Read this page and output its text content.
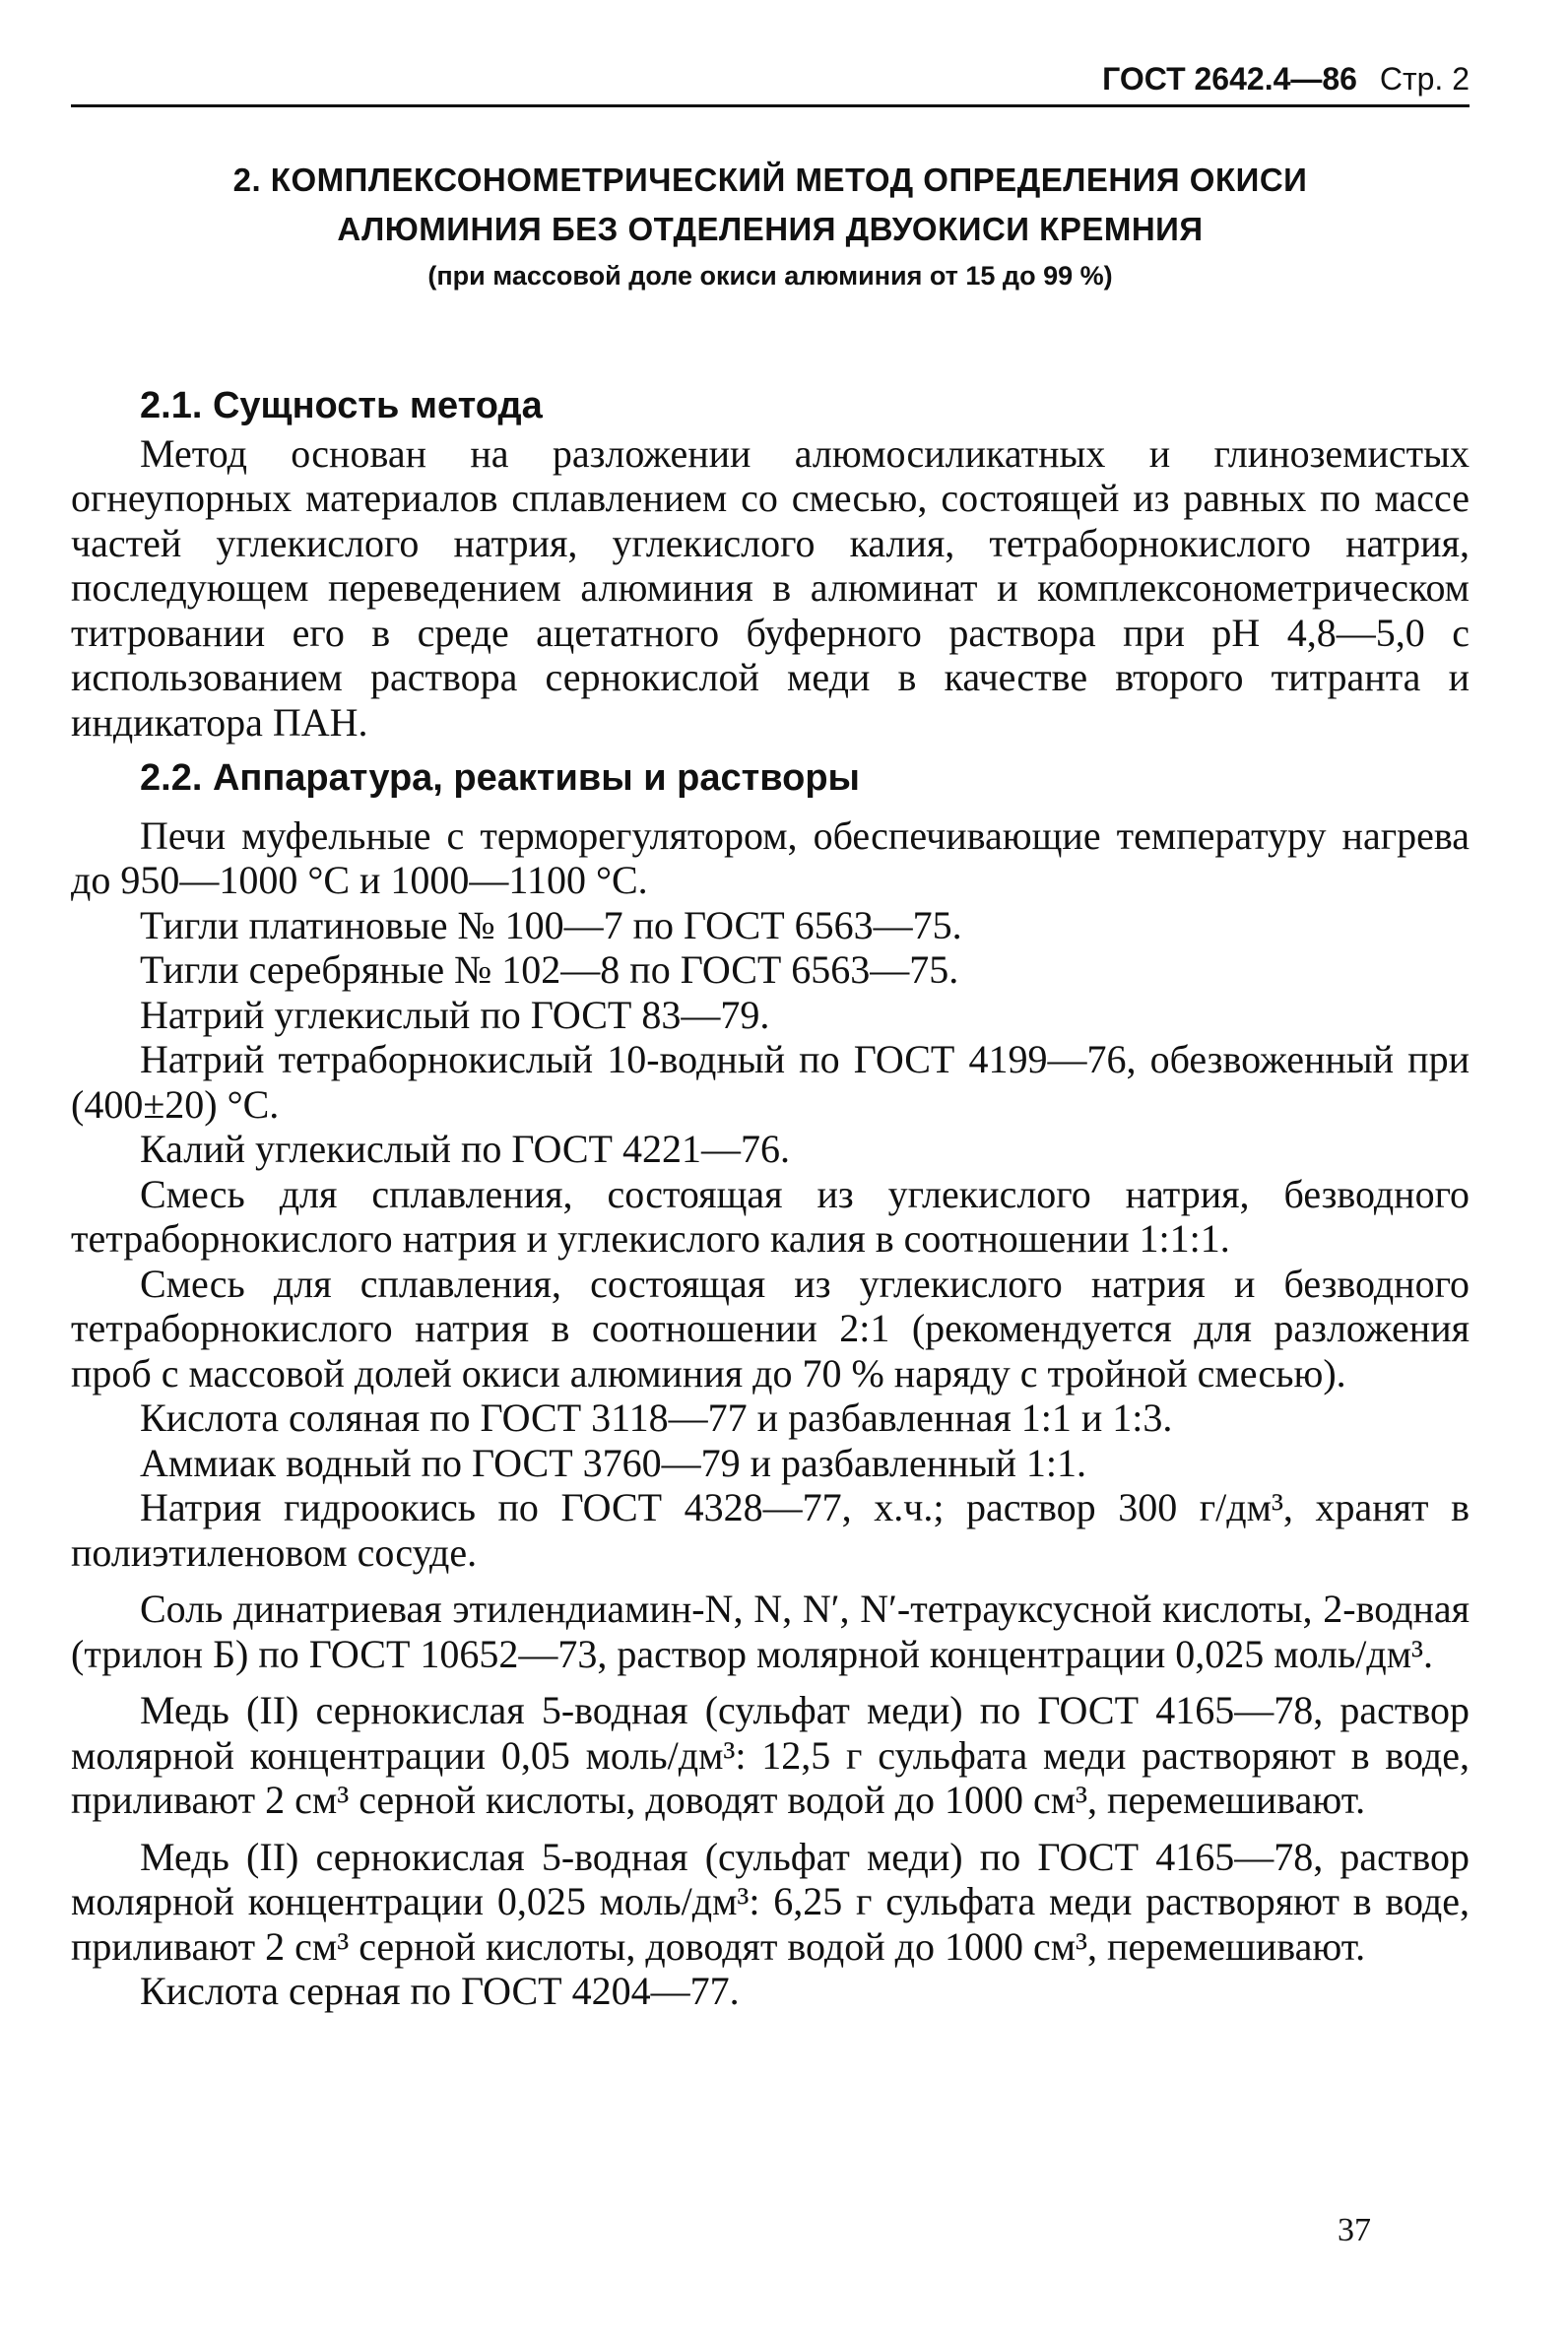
ГОСТ 2642.4—86 Стр. 2
2. КОМПЛЕКСОНОМЕТРИЧЕСКИЙ МЕТОД ОПРЕДЕЛЕНИЯ ОКИСИ
АЛЮМИНИЯ БЕЗ ОТДЕЛЕНИЯ ДВУОКИСИ КРЕМНИЯ
(при массовой доле окиси алюминия от 15 до 99 %)

2.1. Сущность метода

Метод основан на разложении алюмосиликатных и глиноземистых огнеупорных материалов сплавлением со смесью, состоящей из равных по массе частей углекислого натрия, углекислого калия, тетраборнокислого натрия, последующем переведением алюминия в алюминат и комплексонометрическом титровании его в среде ацетатного буферного раствора при pH 4,8—5,0 с использованием раствора сернокислой меди в качестве второго титранта и индикатора ПАН.

2.2. Аппаратура, реактивы и растворы

Печи муфельные с терморегулятором, обеспечивающие температуру нагрева до 950—1000 °С и 1000—1100 °С.

Тигли платиновые № 100—7 по ГОСТ 6563—75.

Тигли серебряные № 102—8 по ГОСТ 6563—75.

Натрий углекислый по ГОСТ 83—79.

Натрий тетраборнокислый 10-водный по ГОСТ 4199—76, обезвоженный при (400±20) °С.

Калий углекислый по ГОСТ 4221—76.

Смесь для сплавления, состоящая из углекислого натрия, безводного тетраборнокислого натрия и углекислого калия в соотношении 1:1:1.

Смесь для сплавления, состоящая из углекислого натрия и безводного тетраборнокислого натрия в соотношении 2:1 (рекомендуется для разложения проб с массовой долей окиси алюминия до 70 % наряду с тройной смесью).

Кислота соляная по ГОСТ 3118—77 и разбавленная 1:1 и 1:3.

Аммиак водный по ГОСТ 3760—79 и разбавленный 1:1.

Натрия гидроокись по ГОСТ 4328—77, х.ч.; раствор 300 г/дм³, хранят в полиэтиленовом сосуде.

Соль динатриевая этилендиамин-N, N, N′, N′-тетрауксусной кислоты, 2-водная (трилон Б) по ГОСТ 10652—73, раствор молярной концентрации 0,025 моль/дм³.

Медь (II) сернокислая 5-водная (сульфат меди) по ГОСТ 4165—78, раствор молярной концентрации 0,05 моль/дм³: 12,5 г сульфата меди растворяют в воде, приливают 2 см³ серной кислоты, доводят водой до 1000 см³, перемешивают.

Медь (II) сернокислая 5-водная (сульфат меди) по ГОСТ 4165—78, раствор молярной концентрации 0,025 моль/дм³: 6,25 г сульфата меди растворяют в воде, приливают 2 см³ серной кислоты, доводят водой до 1000 см³, перемешивают.

Кислота серная по ГОСТ 4204—77.

37
